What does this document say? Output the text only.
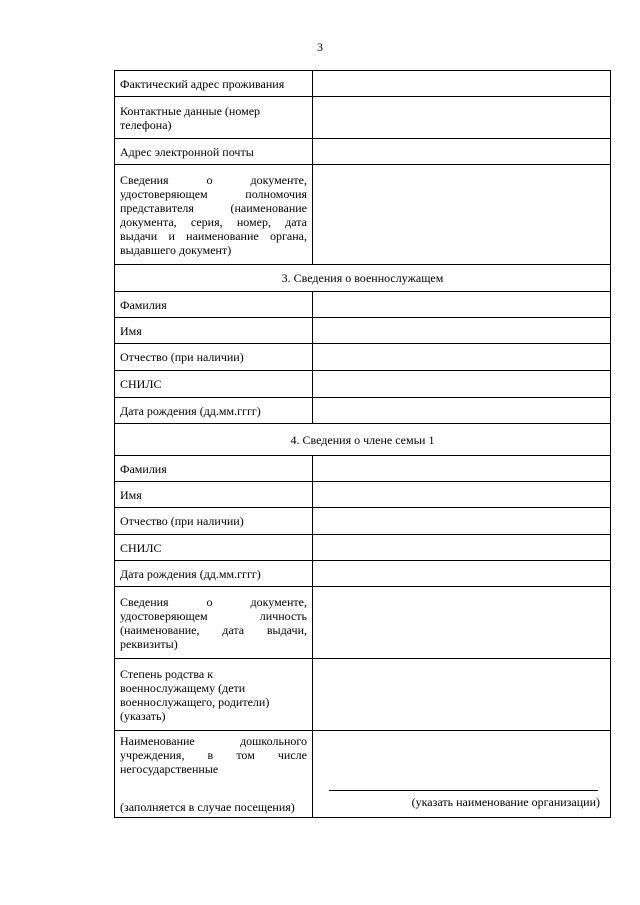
3
Фактический адрес проживания	
Контактные данные (номер телефона)	
Адрес электронной почты	
Сведения о документе, удостоверяющем полномочия представителя (наименование документа, серия, номер, дата выдачи и наименование органа, выдавшего документ)	
3. Сведения о военнослужащем	
Фамилия	
Имя	
Отчество (при наличии)	
СНИЛС	
Дата рождения (дд.мм.гггг)	
4. Сведения о члене семьи 1	
Фамилия	
Имя	
Отчество (при наличии)	
СНИЛС	
Дата рождения (дд.мм.гггг)	
Сведения о документе, удостоверяющем личность (наименование, дата выдачи, реквизиты)	
Степень родства к военнослужащему (дети военнослужащего, родители) (указать)	

Наименование дошкольного учреждения, в том числе негосударственные
(заполняется в случае посещения)	(указать наименование организации)
